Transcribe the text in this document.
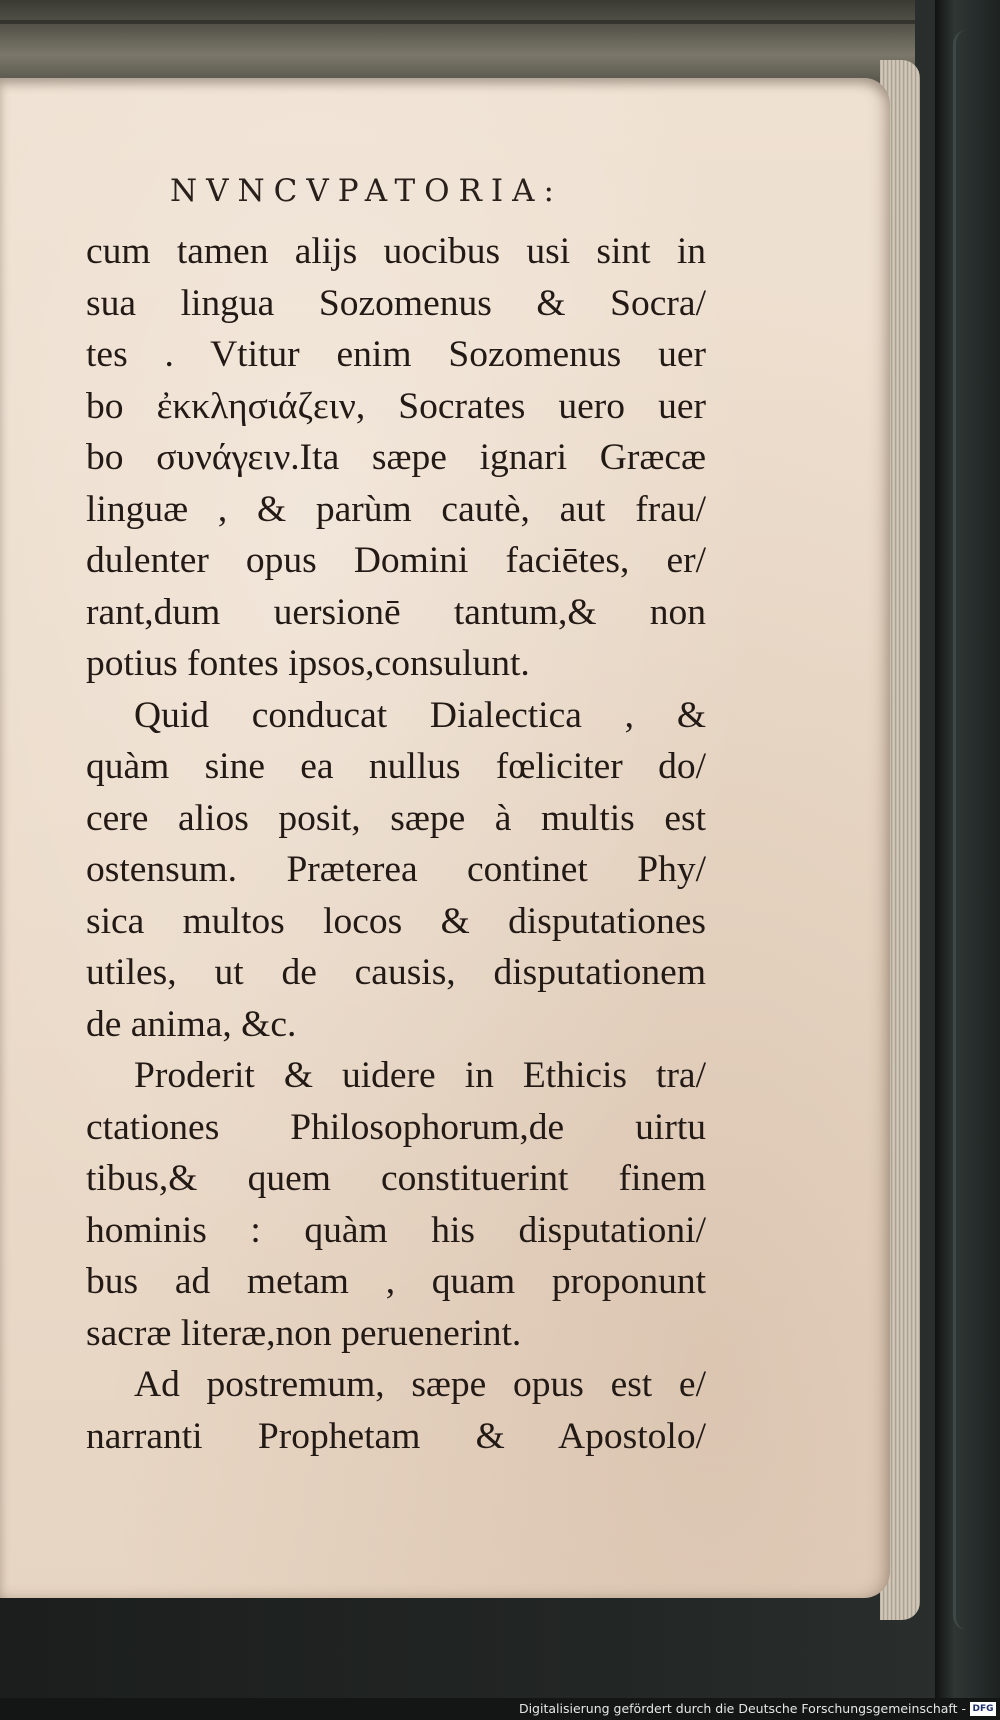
NVNCVPATORIA:
cum tamen aliјs uocibus usi sint in
sua lingua Sozomenus & Socra/
tes . Vtitur enim Sozomenus uer
bo ἐκκλησιάζειν, Socrates uero uer
bo συνάγειν.Ita sæpe ignari Græcæ
linguæ , & parùm cautè, aut frau/
dulenter opus Domini faciētes, er/
rant,dum uersionē tantum,& non
potius fontes ipsos,consulunt.
Quid conducat Dialectica , &
quàm sine ea nullus fœliciter do/
cere alios posit, sæpe à multis est
ostensum. Præterea continet Phy/
sica multos locos & disputationes
utiles, ut de causis, disputationem
de anima, &c.
Proderit & uidere in Ethicis tra/
ctationes Philosophorum,de uirtu
tibus,& quem constituerint finem
hominis : quàm his disputationi/
bus ad metam , quam proponunt
sacræ literæ,non peruenerint.
Ad postremum, sæpe opus est e/
narranti Prophetam & Apostolo/
Digitalisierung gefördert durch die Deutsche Forschungsgemeinschaft - DFG
